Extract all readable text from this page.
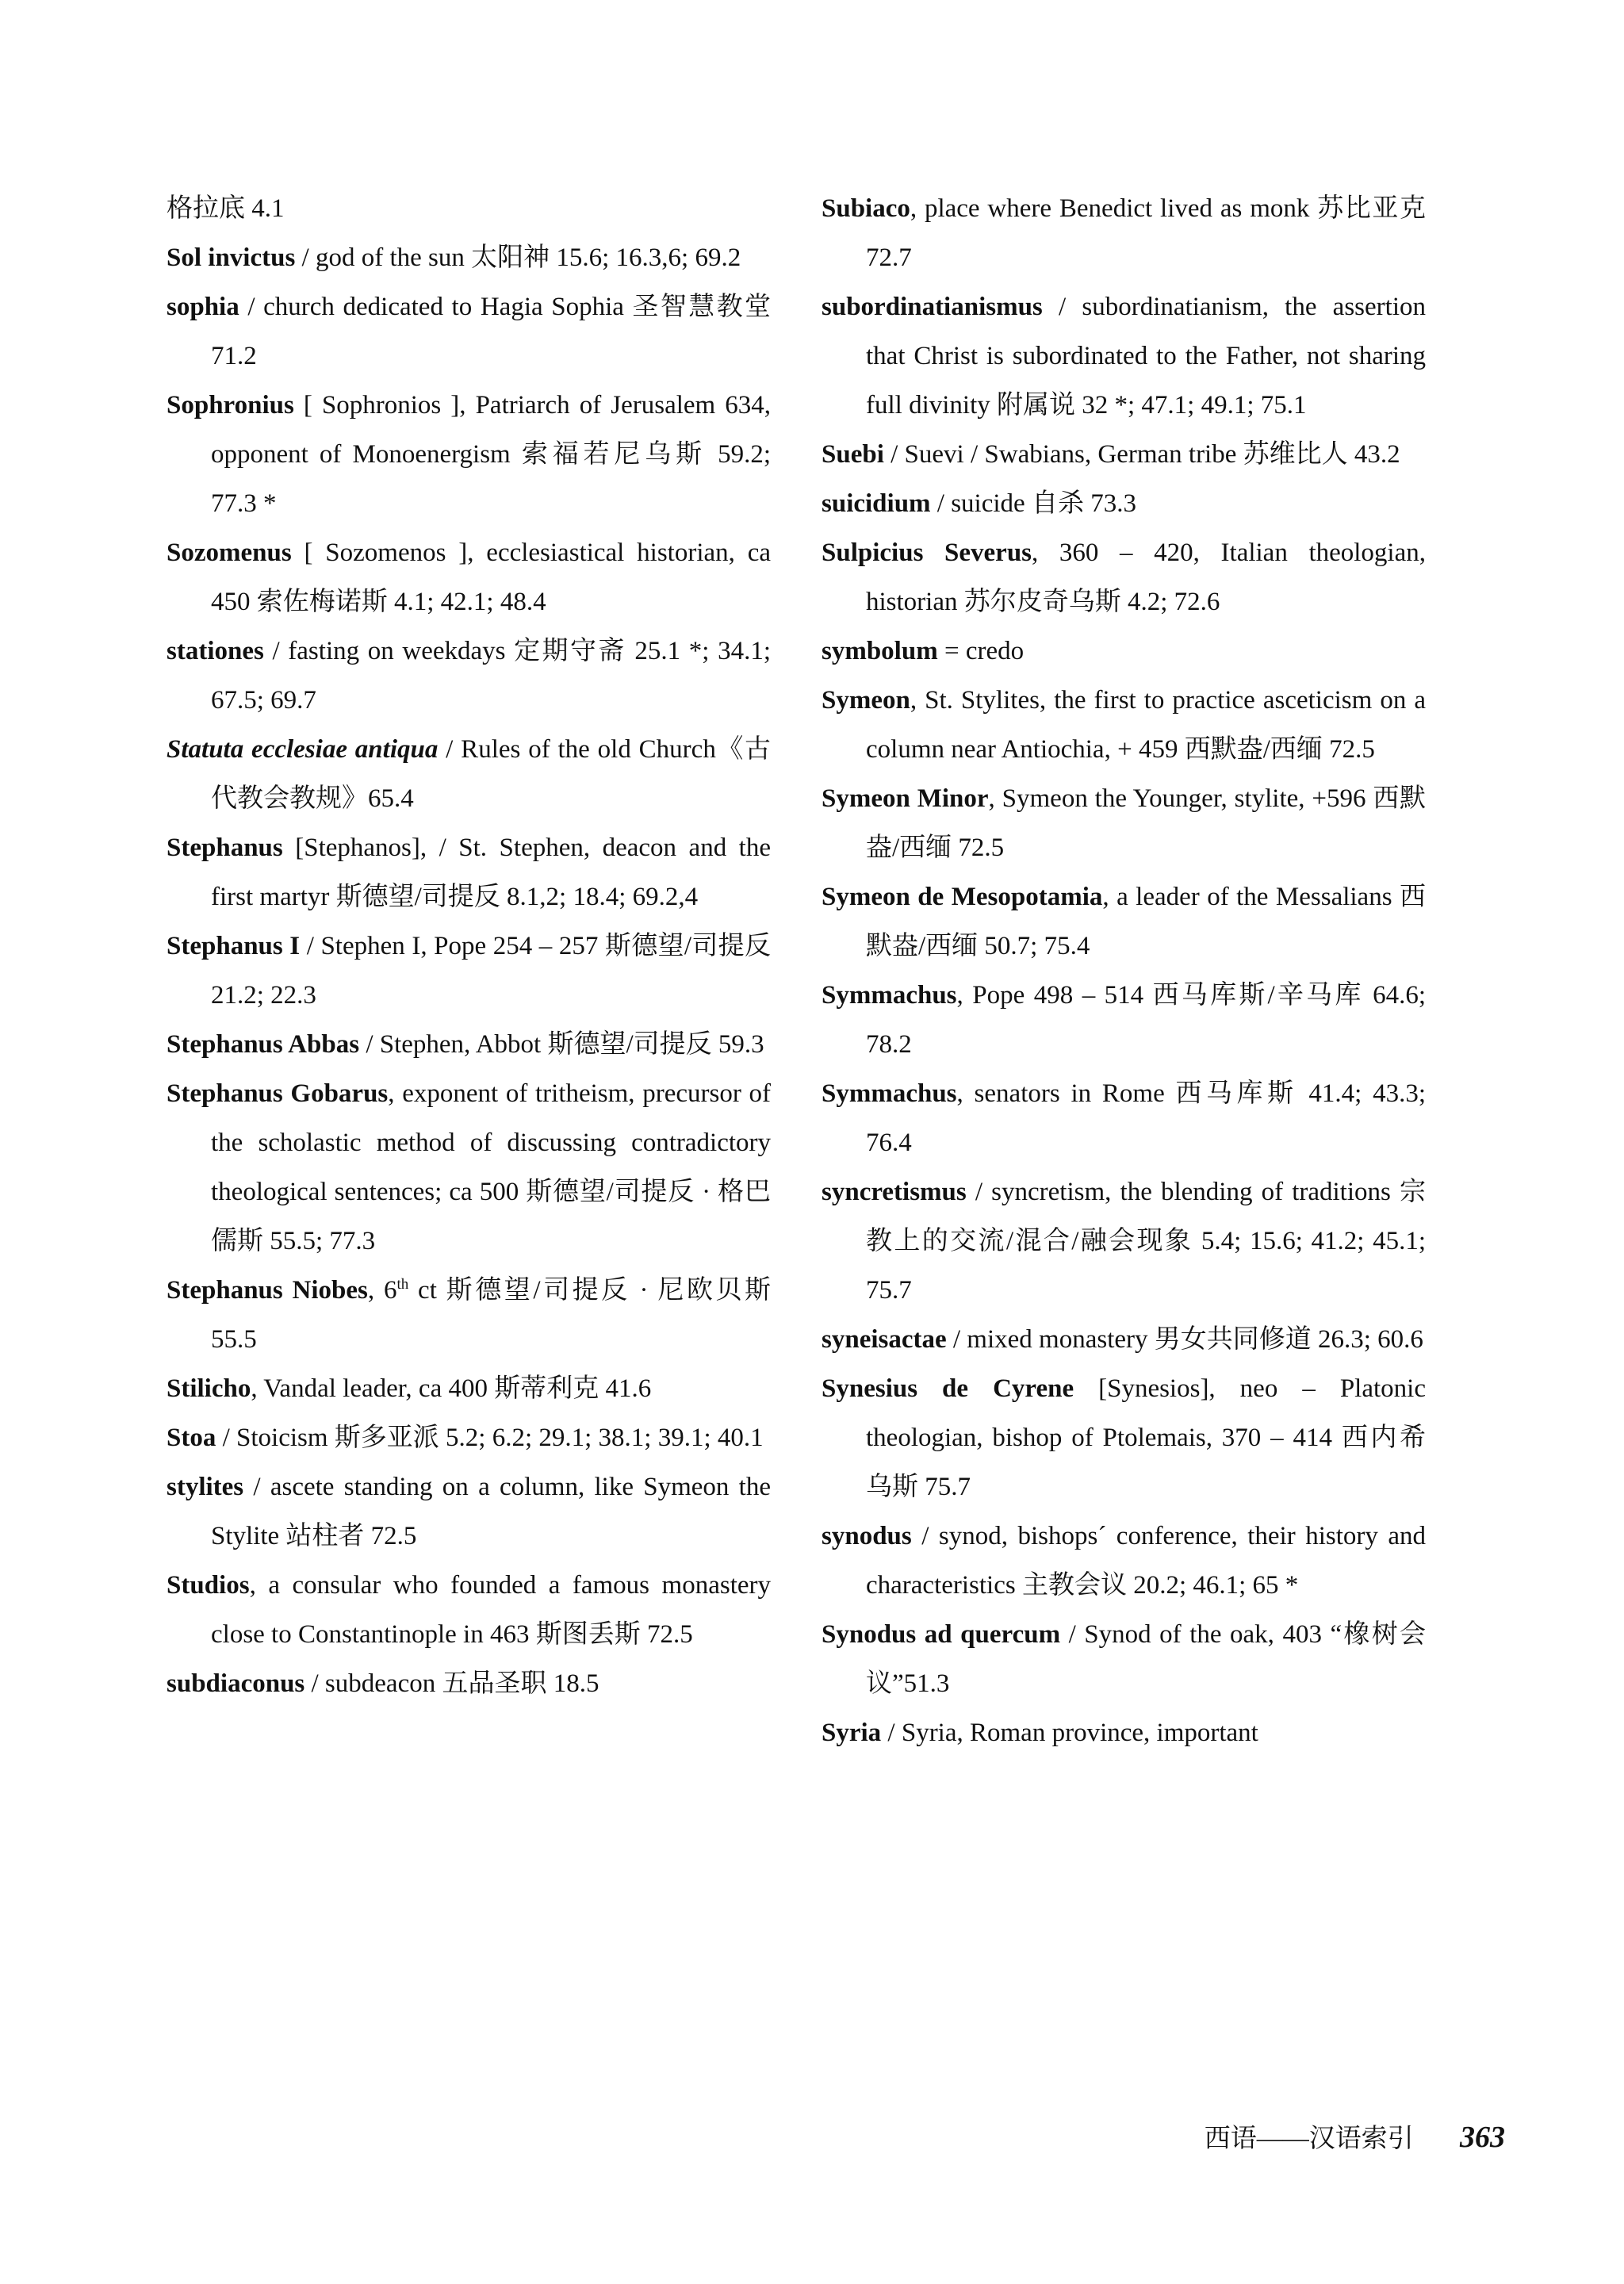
格拉底 4.1

Sol invictus / god of the sun 太阳神 15.6; 16.3,6; 69.2

sophia / church dedicated to Hagia Sophia 圣智慧教堂 71.2

Sophronius [ Sophronios ], Patriarch of Jerusalem 634, opponent of Monoenergism 索福若尼乌斯 59.2; 77.3 *

Sozomenus [ Sozomenos ], ecclesiastical historian, ca 450 索佐梅诺斯 4.1; 42.1; 48.4

stationes / fasting on weekdays 定期守斋 25.1 *; 34.1; 67.5; 69.7

Statuta ecclesiae antiqua / Rules of the old Church《古代教会教规》65.4

Stephanus [Stephanos], / St. Stephen, deacon and the first martyr 斯德望/司提反 8.1,2; 18.4; 69.2,4

Stephanus I / Stephen I, Pope 254 – 257 斯德望/司提反 21.2; 22.3

Stephanus Abbas / Stephen, Abbot 斯德望/司提反 59.3

Stephanus Gobarus, exponent of tritheism, precursor of the scholastic method of discussing contradictory theological sentences; ca 500 斯德望/司提反 · 格巴儒斯 55.5; 77.3

Stephanus Niobes, 6th ct 斯德望/司提反 · 尼欧贝斯 55.5

Stilicho, Vandal leader, ca 400 斯蒂利克 41.6

Stoa / Stoicism 斯多亚派 5.2; 6.2; 29.1; 38.1; 39.1; 40.1

stylites / ascete standing on a column, like Symeon the Stylite 站柱者 72.5

Studios, a consular who founded a famous monastery close to Constantinople in 463 斯图丢斯 72.5

subdiaconus / subdeacon 五品圣职 18.5

Subiaco, place where Benedict lived as monk 苏比亚克 72.7

subordinatianismus / subordinatianism, the assertion that Christ is subordinated to the Father, not sharing full divinity 附属说 32 *; 47.1; 49.1; 75.1

Suebi / Suevi / Swabians, German tribe 苏维比人 43.2

suicidium / suicide 自杀 73.3

Sulpicius Severus, 360 – 420, Italian theologian, historian 苏尔皮奇乌斯 4.2; 72.6

symbolum = credo

Symeon, St. Stylites, the first to practice asceticism on a column near Antiochia, + 459 西默盎/西缅 72.5

Symeon Minor, Symeon the Younger, stylite, +596 西默盎/西缅 72.5

Symeon de Mesopotamia, a leader of the Messalians 西默盎/西缅 50.7; 75.4

Symmachus, Pope 498 – 514 西马库斯/辛马库 64.6; 78.2

Symmachus, senators in Rome 西马库斯 41.4; 43.3; 76.4

syncretismus / syncretism, the blending of traditions 宗教上的交流/混合/融会现象 5.4; 15.6; 41.2; 45.1; 75.7

syneisactae / mixed monastery 男女共同修道 26.3; 60.6

Synesius de Cyrene [Synesios], neo – Platonic theologian, bishop of Ptolemais, 370 – 414 西内希乌斯 75.7

synodus / synod, bishops´ conference, their history and characteristics 主教会议 20.2; 46.1; 65 *

Synodus ad quercum / Synod of the oak, 403 “橡树会议”51.3

Syria / Syria, Roman province, important

西语——汉语索引 363
